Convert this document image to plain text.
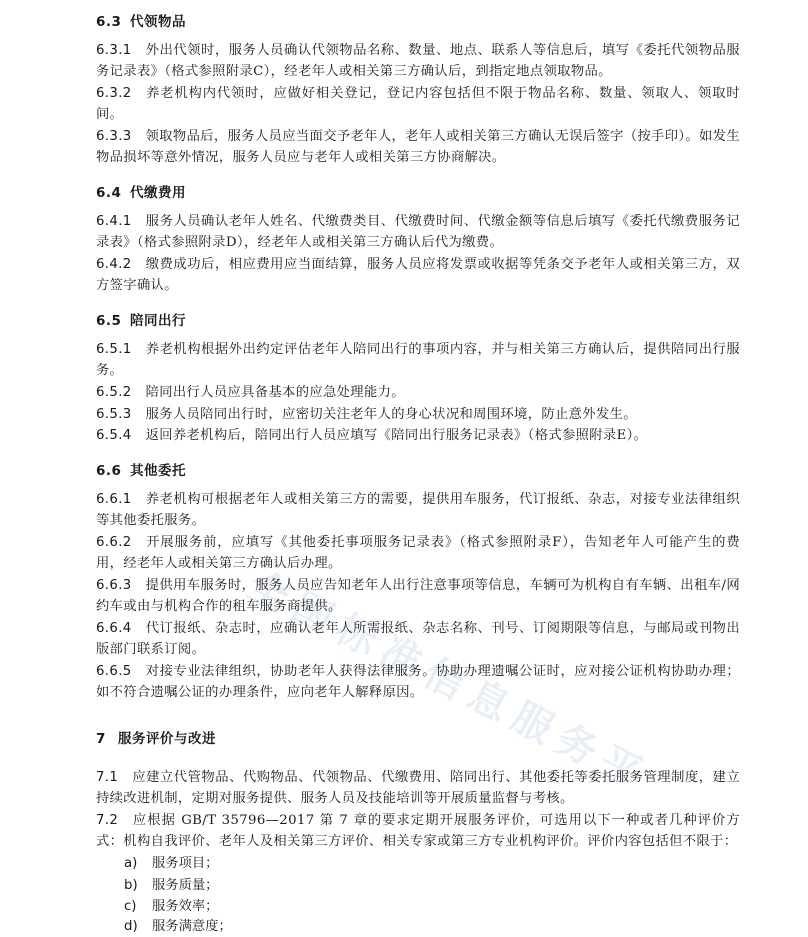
全
国
标
准
信
息
服
务
平
6.3 代领物品
6.3.1 外出代领时，服务人员确认代领物品名称、数量、地点、联系人等信息后，填写《委托代领物品服务记录表》（格式参照附录C），经老年人或相关第三方确认后，到指定地点领取物品。
6.3.2 养老机构内代领时，应做好相关登记，登记内容包括但不限于物品名称、数量、领取人、领取时间。
6.3.3 领取物品后，服务人员应当面交予老年人，老年人或相关第三方确认无误后签字（按手印）。如发生物品损坏等意外情况，服务人员应与老年人或相关第三方协商解决。
6.4 代缴费用
6.4.1 服务人员确认老年人姓名、代缴费类目、代缴费时间、代缴金额等信息后填写《委托代缴费服务记录表》（格式参照附录D），经老年人或相关第三方确认后代为缴费。
6.4.2 缴费成功后，相应费用应当面结算，服务人员应将发票或收据等凭条交予老年人或相关第三方，双方签字确认。
6.5 陪同出行
6.5.1 养老机构根据外出约定评估老年人陪同出行的事项内容，并与相关第三方确认后，提供陪同出行服务。
6.5.2 陪同出行人员应具备基本的应急处理能力。
6.5.3 服务人员陪同出行时，应密切关注老年人的身心状况和周围环境，防止意外发生。
6.5.4 返回养老机构后，陪同出行人员应填写《陪同出行服务记录表》（格式参照附录E）。
6.6 其他委托
6.6.1 养老机构可根据老年人或相关第三方的需要，提供用车服务，代订报纸、杂志，对接专业法律组织等其他委托服务。
6.6.2 开展服务前，应填写《其他委托事项服务记录表》（格式参照附录F），告知老年人可能产生的费用，经老年人或相关第三方确认后办理。
6.6.3 提供用车服务时，服务人员应告知老年人出行注意事项等信息，车辆可为机构自有车辆、出租车/网约车或由与机构合作的租车服务商提供。
6.6.4 代订报纸、杂志时，应确认老年人所需报纸、杂志名称、刊号、订阅期限等信息，与邮局或刊物出版部门联系订阅。
6.6.5 对接专业法律组织，协助老年人获得法律服务。协助办理遗嘱公证时，应对接公证机构协助办理；如不符合遗嘱公证的办理条件，应向老年人解释原因。
7 服务评价与改进
7.1 应建立代管物品、代购物品、代领物品、代缴费用、陪同出行、其他委托等委托服务管理制度，建立持续改进机制，定期对服务提供、服务人员及技能培训等开展质量监督与考核。
7.2 应根据 GB/T 35796—2017 第 7 章的要求定期开展服务评价，可选用以下一种或者几种评价方式：机构自我评价、老年人及相关第三方评价、相关专家或第三方专业机构评价。评价内容包括但不限于：
a) 服务项目；
b) 服务质量；
c) 服务效率；
d) 服务满意度；
